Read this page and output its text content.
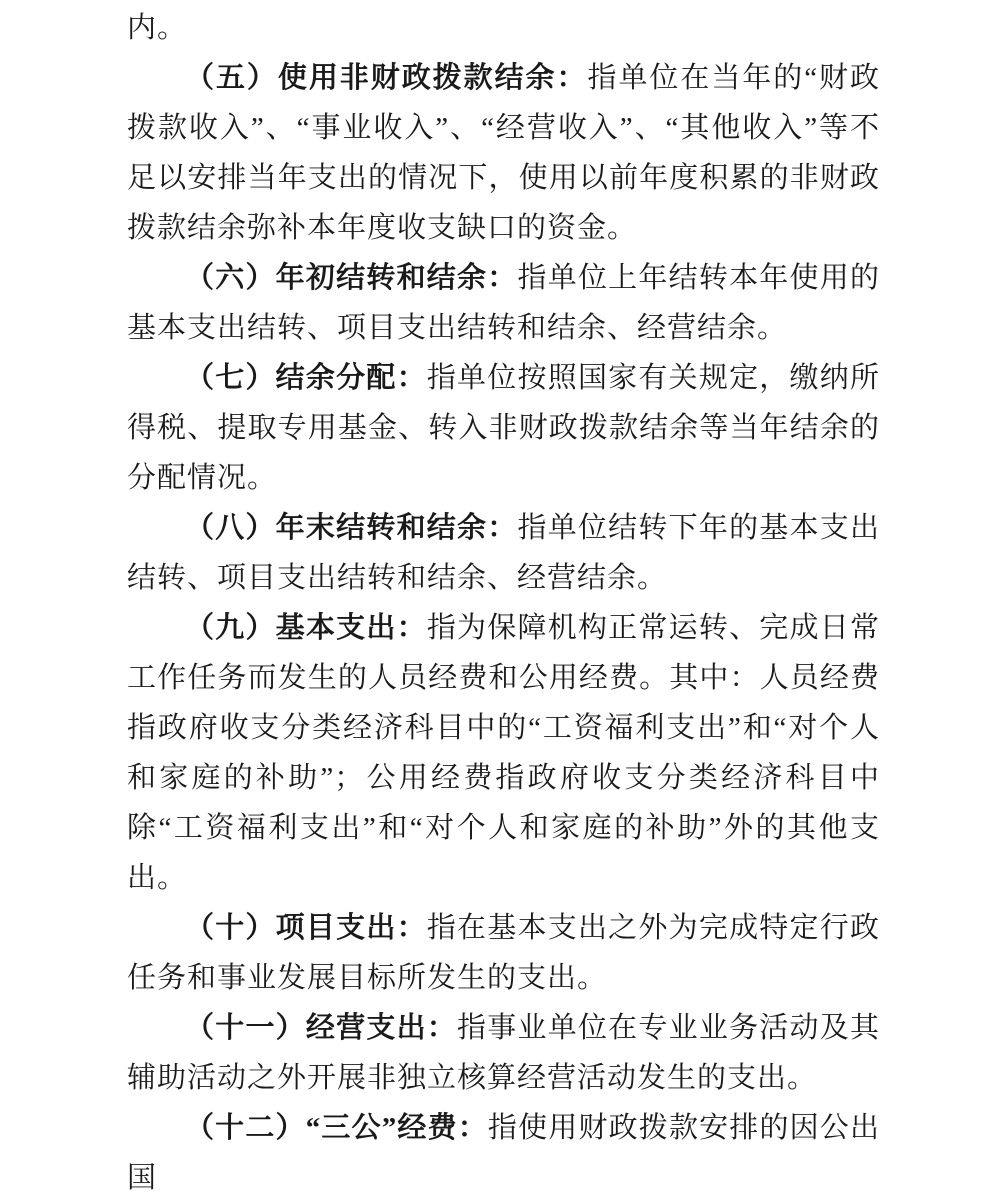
内。

（五）使用非财政拨款结余：指单位在当年的“财政拨款收入”、“事业收入”、“经营收入”、“其他收入”等不足以安排当年支出的情况下，使用以前年度积累的非财政拨款结余弥补本年度收支缺口的资金。

（六）年初结转和结余：指单位上年结转本年使用的基本支出结转、项目支出结转和结余、经营结余。

（七）结余分配：指单位按照国家有关规定，缴纳所得税、提取专用基金、转入非财政拨款结余等当年结余的分配情况。

（八）年末结转和结余：指单位结转下年的基本支出结转、项目支出结转和结余、经营结余。

（九）基本支出：指为保障机构正常运转、完成日常工作任务而发生的人员经费和公用经费。其中：人员经费指政府收支分类经济科目中的“工资福利支出”和“对个人和家庭的补助”；公用经费指政府收支分类经济科目中除“工资福利支出”和“对个人和家庭的补助”外的其他支出。

（十）项目支出：指在基本支出之外为完成特定行政任务和事业发展目标所发生的支出。

（十一）经营支出：指事业单位在专业业务活动及其辅助活动之外开展非独立核算经营活动发生的支出。

（十二）“三公”经费：指使用财政拨款安排的因公出国
